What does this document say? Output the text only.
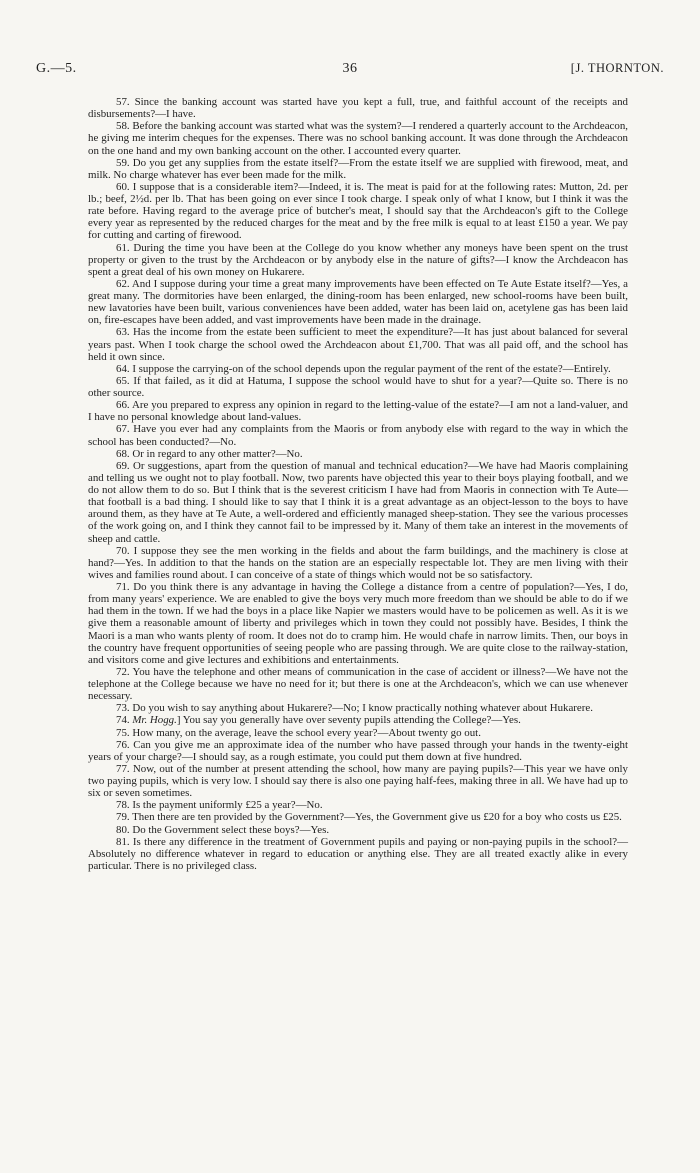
G.—5.	36	[J. THORNTON.

57. Since the banking account was started have you kept a full, true, and faithful account of the receipts and disbursements?—I have.

58. Before the banking account was started what was the system?—I rendered a quarterly account to the Archdeacon, he giving me interim cheques for the expenses. There was no school banking account. It was done through the Archdeacon on the one hand and my own banking account on the other. I accounted every quarter.

59. Do you get any supplies from the estate itself?—From the estate itself we are supplied with firewood, meat, and milk. No charge whatever has ever been made for the milk.

60. I suppose that is a considerable item?—Indeed, it is. The meat is paid for at the following rates: Mutton, 2d. per lb.; beef, 2½d. per lb. That has been going on ever since I took charge. I speak only of what I know, but I think it was the rate before. Having regard to the average price of butcher's meat, I should say that the Archdeacon's gift to the College every year as represented by the reduced charges for the meat and by the free milk is equal to at least £150 a year. We pay for cutting and carting of firewood.

61. During the time you have been at the College do you know whether any moneys have been spent on the trust property or given to the trust by the Archdeacon or by anybody else in the nature of gifts?—I know the Archdeacon has spent a great deal of his own money on Hukarere.

62. And I suppose during your time a great many improvements have been effected on Te Aute Estate itself?—Yes, a great many. The dormitories have been enlarged, the dining-room has been enlarged, new school-rooms have been built, new lavatories have been built, various conveniences have been added, water has been laid on, acetylene gas has been laid on, fire-escapes have been added, and vast improvements have been made in the drainage.

63. Has the income from the estate been sufficient to meet the expenditure?—It has just about balanced for several years past. When I took charge the school owed the Archdeacon about £1,700. That was all paid off, and the school has held it own since.

64. I suppose the carrying-on of the school depends upon the regular payment of the rent of the estate?—Entirely.

65. If that failed, as it did at Hatuma, I suppose the school would have to shut for a year?—Quite so. There is no other source.

66. Are you prepared to express any opinion in regard to the letting-value of the estate?—I am not a land-valuer, and I have no personal knowledge about land-values.

67. Have you ever had any complaints from the Maoris or from anybody else with regard to the way in which the school has been conducted?—No.

68. Or in regard to any other matter?—No.

69. Or suggestions, apart from the question of manual and technical education?—We have had Maoris complaining and telling us we ought not to play football. Now, two parents have objected this year to their boys playing football, and we do not allow them to do so. But I think that is the severest criticism I have had from Maoris in connection with Te Aute—that football is a bad thing. I should like to say that I think it is a great advantage as an object-lesson to the boys to have around them, as they have at Te Aute, a well-ordered and efficiently managed sheep-station. They see the various processes of the work going on, and I think they cannot fail to be impressed by it. Many of them take an interest in the movements of sheep and cattle.

70. I suppose they see the men working in the fields and about the farm buildings, and the machinery is close at hand?—Yes. In addition to that the hands on the station are an especially respectable lot. They are men living with their wives and families round about. I can conceive of a state of things which would not be so satisfactory.

71. Do you think there is any advantage in having the College a distance from a centre of population?—Yes, I do, from many years' experience. We are enabled to give the boys very much more freedom than we should be able to do if we had them in the town. If we had the boys in a place like Napier we masters would have to be policemen as well. As it is we give them a reasonable amount of liberty and privileges which in town they could not possibly have. Besides, I think the Maori is a man who wants plenty of room. It does not do to cramp him. He would chafe in narrow limits. Then, our boys in the country have frequent opportunities of seeing people who are passing through. We are quite close to the railway-station, and visitors come and give lectures and exhibitions and entertainments.

72. You have the telephone and other means of communication in the case of accident or illness?—We have not the telephone at the College because we have no need for it; but there is one at the Archdeacon's, which we can use whenever necessary.

73. Do you wish to say anything about Hukarere?—No; I know practically nothing whatever about Hukarere.

74. Mr. Hogg.] You say you generally have over seventy pupils attending the College?—Yes.

75. How many, on the average, leave the school every year?—About twenty go out.

76. Can you give me an approximate idea of the number who have passed through your hands in the twenty-eight years of your charge?—I should say, as a rough estimate, you could put them down at five hundred.

77. Now, out of the number at present attending the school, how many are paying pupils?—This year we have only two paying pupils, which is very low. I should say there is also one paying half-fees, making three in all. We have had up to six or seven sometimes.

78. Is the payment uniformly £25 a year?—No.

79. Then there are ten provided by the Government?—Yes, the Government give us £20 for a boy who costs us £25.

80. Do the Government select these boys?—Yes.

81. Is there any difference in the treatment of Government pupils and paying or non-paying pupils in the school?—Absolutely no difference whatever in regard to education or anything else. They are all treated exactly alike in every particular. There is no privileged class.
